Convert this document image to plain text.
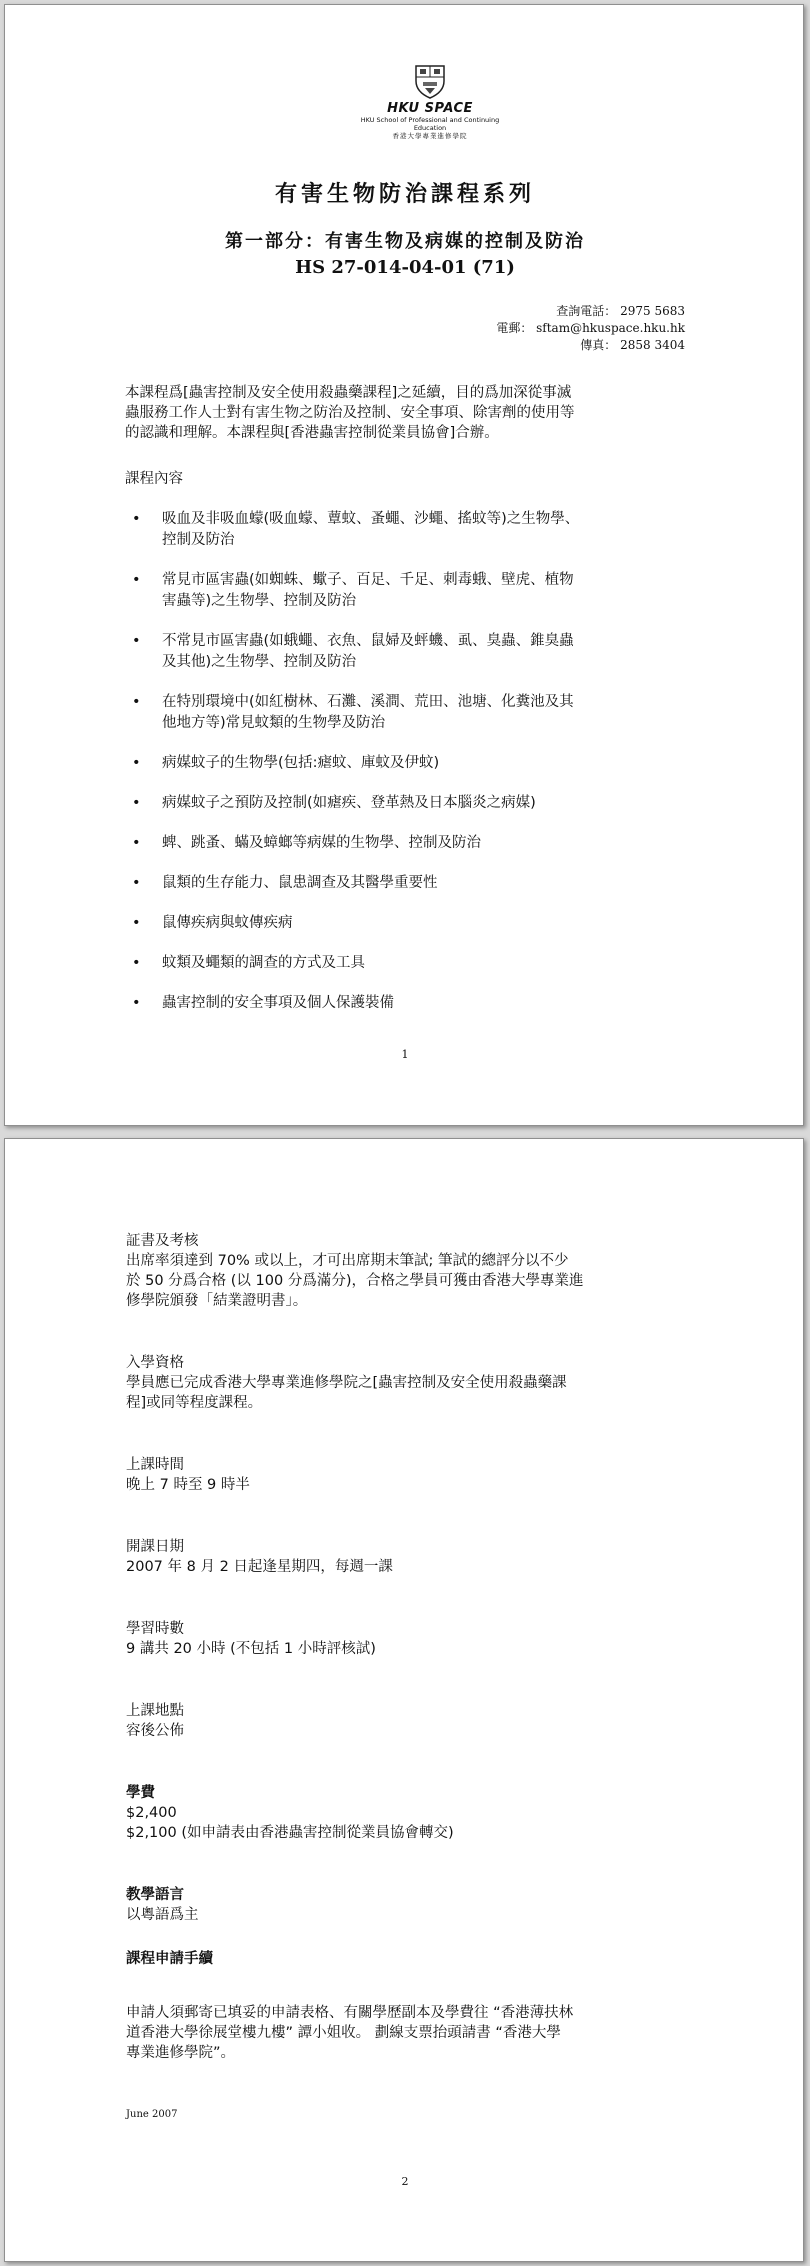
HKU SPACE
HKU School of Professional and Continuing Education
香港大學專業進修學院
有害生物防治課程系列
第一部分：有害生物及病媒的控制及防治
HS 27-014-04-01 (71)
查詢電話： 2975 5683
電郵： sftam@hkuspace.hku.hk
傳真： 2858 3404
本課程爲[蟲害控制及安全使用殺蟲藥課程]之延續，目的爲加深從事滅
蟲服務工作人士對有害生物之防治及控制、安全事項、除害劑的使用等
的認識和理解。本課程與[香港蟲害控制從業員協會]合辦。
課程內容
• 吸血及非吸血蠓(吸血蠓、蕈蚊、蚤蠅、沙蠅、搖蚊等)之生物學、
控制及防治
• 常見市區害蟲(如蜘蛛、蠍子、百足、千足、刺毒蛾、壁虎、植物
害蟲等)之生物學、控制及防治
• 不常見市區害蟲(如蛾蠅、衣魚、鼠婦及蚲蟣、虱、臭蟲、錐臭蟲
及其他)之生物學、控制及防治
• 在特別環境中(如紅樹林、石灘、溪澗、荒田、池塘、化糞池及其
他地方等)常見蚊類的生物學及防治
• 病媒蚊子的生物學(包括:瘧蚊、庫蚊及伊蚊)
• 病媒蚊子之預防及控制(如瘧疾、登革熱及日本腦炎之病媒)
• 蜱、跳蚤、蟎及蟑螂等病媒的生物學、控制及防治
• 鼠類的生存能力、鼠患調查及其醫學重要性
• 鼠傳疾病與蚊傳疾病
• 蚊類及蠅類的調查的方式及工具
• 蟲害控制的安全事項及個人保護裝備
1
証書及考核
出席率須達到 70% 或以上，才可出席期末筆試; 筆試的總評分以不少
於 50 分爲合格 (以 100 分爲滿分)，合格之學員可獲由香港大學專業進
修學院頒發「結業證明書」。
入學資格
學員應已完成香港大學專業進修學院之[蟲害控制及安全使用殺蟲藥課
程]或同等程度課程。
上課時間
晚上 7 時至 9 時半
開課日期
2007 年 8 月 2 日起逢星期四，每週一課
學習時數
9 講共 20 小時 (不包括 1 小時評核試)
上課地點
容後公佈
學費
$2,400
$2,100 (如申請表由香港蟲害控制從業員協會轉交)
教學語言
以粵語爲主
課程申請手續
申請人須郵寄已填妥的申請表格、有關學歷副本及學費往 “香港薄扶林
道香港大學徐展堂樓九樓” 譚小姐收。 劃線支票抬頭請書 “香港大學
專業進修學院”。
June 2007
2
